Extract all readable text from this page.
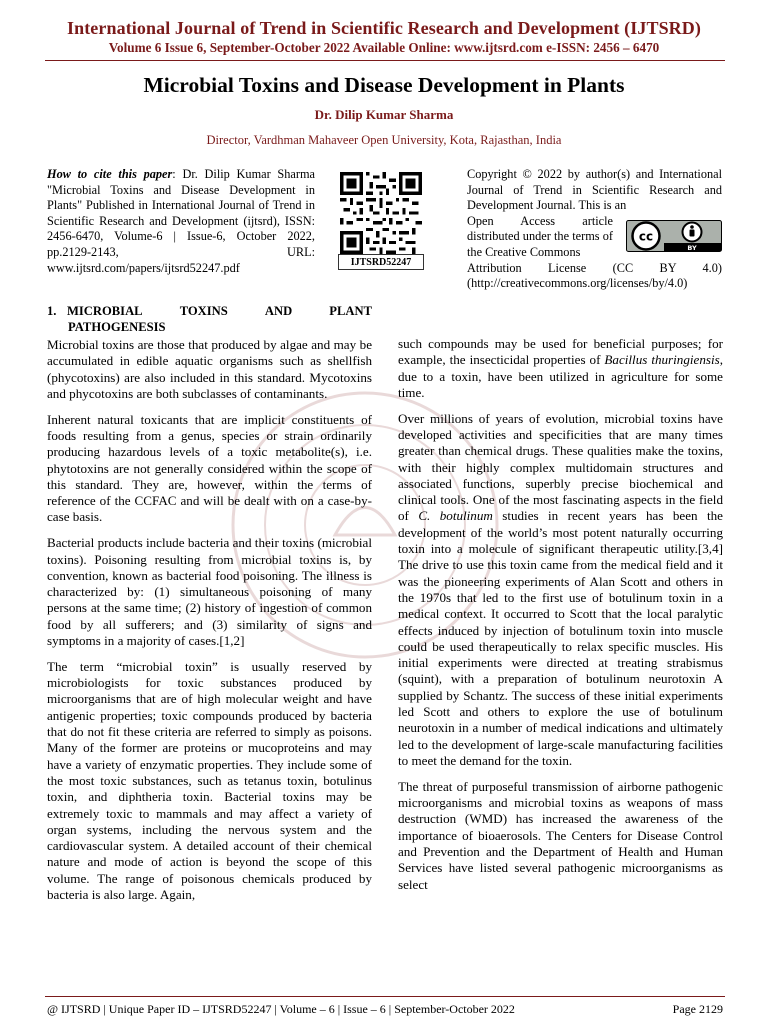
International Journal of Trend in Scientific Research and Development (IJTSRD)
Volume 6 Issue 6, September-October 2022 Available Online: www.ijtsrd.com e-ISSN: 2456 – 6470
Microbial Toxins and Disease Development in Plants
Dr. Dilip Kumar Sharma
Director, Vardhman Mahaveer Open University, Kota, Rajasthan, India
How to cite this paper: Dr. Dilip Kumar Sharma "Microbial Toxins and Disease Development in Plants" Published in International Journal of Trend in Scientific Research and Development (ijtsrd), ISSN: 2456-6470, Volume-6 | Issue-6, October 2022, pp.2129-2143, URL: www.ijtsrd.com/papers/ijtsrd52247.pdf	IJTSRD52247
Copyright © 2022 by author(s) and International Journal of Trend in Scientific Research and Development Journal. This is an
Open Access article distributed under the terms of the Creative Commons
Attribution License (CC BY 4.0) (http://creativecommons.org/licenses/by/4.0)
cc
BY
1. MICROBIAL	TOXINS	AND	PLANT
PATHOGENESIS

Microbial toxins are those that produced by algae and may be accumulated in edible aquatic organisms such as shellfish (phycotoxins) are also included in this standard. Mycotoxins and phycotoxins are both subclasses of contaminants.

Inherent natural toxicants that are implicit constituents of foods resulting from a genus, species or strain ordinarily producing hazardous levels of a toxic metabolite(s), i.e. phytotoxins are not generally considered within the scope of this standard. They are, however, within the terms of reference of the CCFAC and will be dealt with on a case-by-case basis.

Bacterial products include bacteria and their toxins (microbial toxins). Poisoning resulting from microbial toxins is, by convention, known as bacterial food poisoning. The illness is characterized by: (1) simultaneous poisoning of many persons at the same time; (2) history of ingestion of common food by all sufferers; and (3) similarity of signs and symptoms in a majority of cases.[1,2]

The term “microbial toxin” is usually reserved by microbiologists for toxic substances produced by microorganisms that are of high molecular weight and have antigenic properties; toxic compounds produced by bacteria that do not fit these criteria are referred to simply as poisons. Many of the former are proteins or mucoproteins and may have a variety of enzymatic properties. They include some of the most toxic substances, such as tetanus toxin, botulinus toxin, and diphtheria toxin. Bacterial toxins may be extremely toxic to mammals and may affect a variety of organ systems, including the nervous system and the cardiovascular system. A detailed account of their chemical nature and mode of action is beyond the scope of this volume. The range of poisonous chemicals produced by bacteria is also large. Again,

such compounds may be used for beneficial purposes; for example, the insecticidal properties of Bacillus thuringiensis, due to a toxin, have been utilized in agriculture for some time.

Over millions of years of evolution, microbial toxins have developed activities and specificities that are many times greater than chemical drugs. These qualities make the toxins, with their highly complex multidomain structures and associated functions, superbly precise biochemical and clinical tools. One of the most fascinating aspects in the field of C. botulinum studies in recent years has been the development of the world’s most potent naturally occurring toxin into a molecule of significant therapeutic utility.[3,4] The drive to use this toxin came from the medical field and it was the pioneering experiments of Alan Scott and others in the 1970s that led to the first use of botulinum toxin in a medical context. It occurred to Scott that the local paralytic effects induced by injection of botulinum toxin into muscle could be used therapeutically to relax specific muscles. His initial experiments were directed at treating strabismus (squint), with a preparation of botulinum neurotoxin A supplied by Schantz. The success of these initial experiments led Scott and others to explore the use of botulinum neurotoxin in a number of medical indications and ultimately led to the development of large-scale manufacturing facilities to meet the demand for the toxin.

The threat of purposeful transmission of airborne pathogenic microorganisms and microbial toxins as weapons of mass destruction (WMD) has increased the awareness of the importance of bioaerosols. The Centers for Disease Control and Prevention and the Department of Health and Human Services have listed several pathogenic microorganisms as select

@ IJTSRD | Unique Paper ID – IJTSRD52247 | Volume – 6 | Issue – 6 | September-October 2022	Page 2129
